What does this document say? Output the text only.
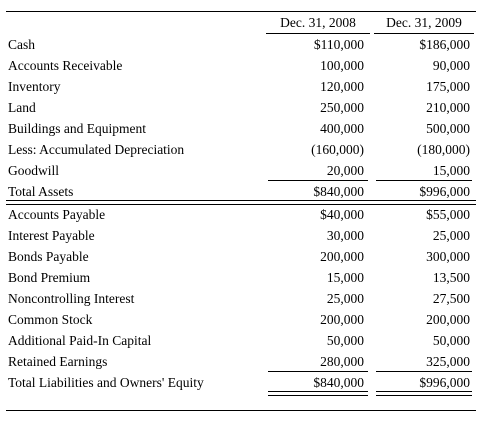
Dec. 31, 2008	Dec. 31, 2009
Cash	$110,000	$186,000
Accounts Receivable	100,000	90,000
Inventory	120,000	175,000
Land	250,000	210,000
Buildings and Equipment	400,000	500,000
Less: Accumulated Depreciation	(160,000)	(180,000)
Goodwill	20,000	15,000
Total Assets	$840,000	$996,000
Accounts Payable	$40,000	$55,000
Interest Payable	30,000	25,000
Bonds Payable	200,000	300,000
Bond Premium	15,000	13,500
Noncontrolling Interest	25,000	27,500
Common Stock	200,000	200,000
Additional Paid-In Capital	50,000	50,000
Retained Earnings	280,000	325,000
Total Liabilities and Owners' Equity	$840,000	$996,000
